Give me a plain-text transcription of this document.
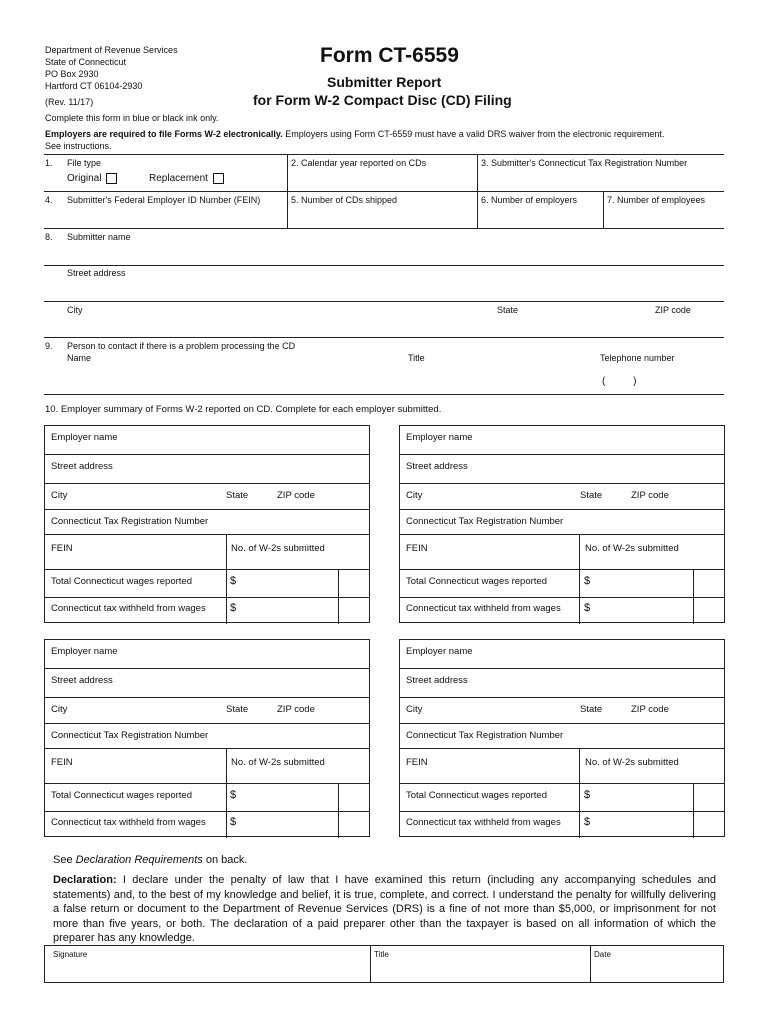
Department of Revenue Services
State of Connecticut
PO Box 2930
Hartford CT 06104-2930
(Rev. 11/17)
Form CT-6559
Submitter Report
for Form W-2 Compact Disc (CD) Filing
Complete this form in blue or black ink only.
Employers are required to file Forms W-2 electronically. Employers using Form CT-6559 must have a valid DRS waiver from the electronic requirement.
See instructions.
1. File type
Original	Replacement
2. Calendar year reported on CDs	3. Submitter's Connecticut Tax Registration Number
4. Submitter's Federal Employer ID Number (FEIN)	5. Number of CDs shipped	6. Number of employers	7. Number of employees
8. Submitter name
Street address
City	State	ZIP code
9. Person to contact if there is a problem processing the CD
Name	Title	Telephone number
(          )
10. Employer summary of Forms W-2 reported on CD. Complete for each employer submitted.
Employer name
Street address
City	State	ZIP code
Connecticut Tax Registration Number
FEIN	No. of W-2s submitted
Total Connecticut wages reported	$
Connecticut tax withheld from wages $
Employer name
Street address
City	State	ZIP code
Connecticut Tax Registration Number
FEIN	No. of W-2s submitted
Total Connecticut wages reported	$
Connecticut tax withheld from wages $
Employer name
Street address
City	State	ZIP code
Connecticut Tax Registration Number
FEIN	No. of W-2s submitted
Total Connecticut wages reported	$
Connecticut tax withheld from wages $
Employer name
Street address
City	State	ZIP code
Connecticut Tax Registration Number
FEIN	No. of W-2s submitted
Total Connecticut wages reported	$
Connecticut tax withheld from wages $
See Declaration Requirements on back.
Declaration: I declare under the penalty of law that I have examined this return (including any accompanying schedules and statements) and, to the best of my knowledge and belief, it is true, complete, and correct. I understand the penalty for willfully delivering a false return or document to the Department of Revenue Services (DRS) is a fine of not more than $5,000, or imprisonment for not more than five years, or both. The declaration of a paid preparer other than the taxpayer is based on all information of which the preparer has any knowledge.
Signature	Title	Date
